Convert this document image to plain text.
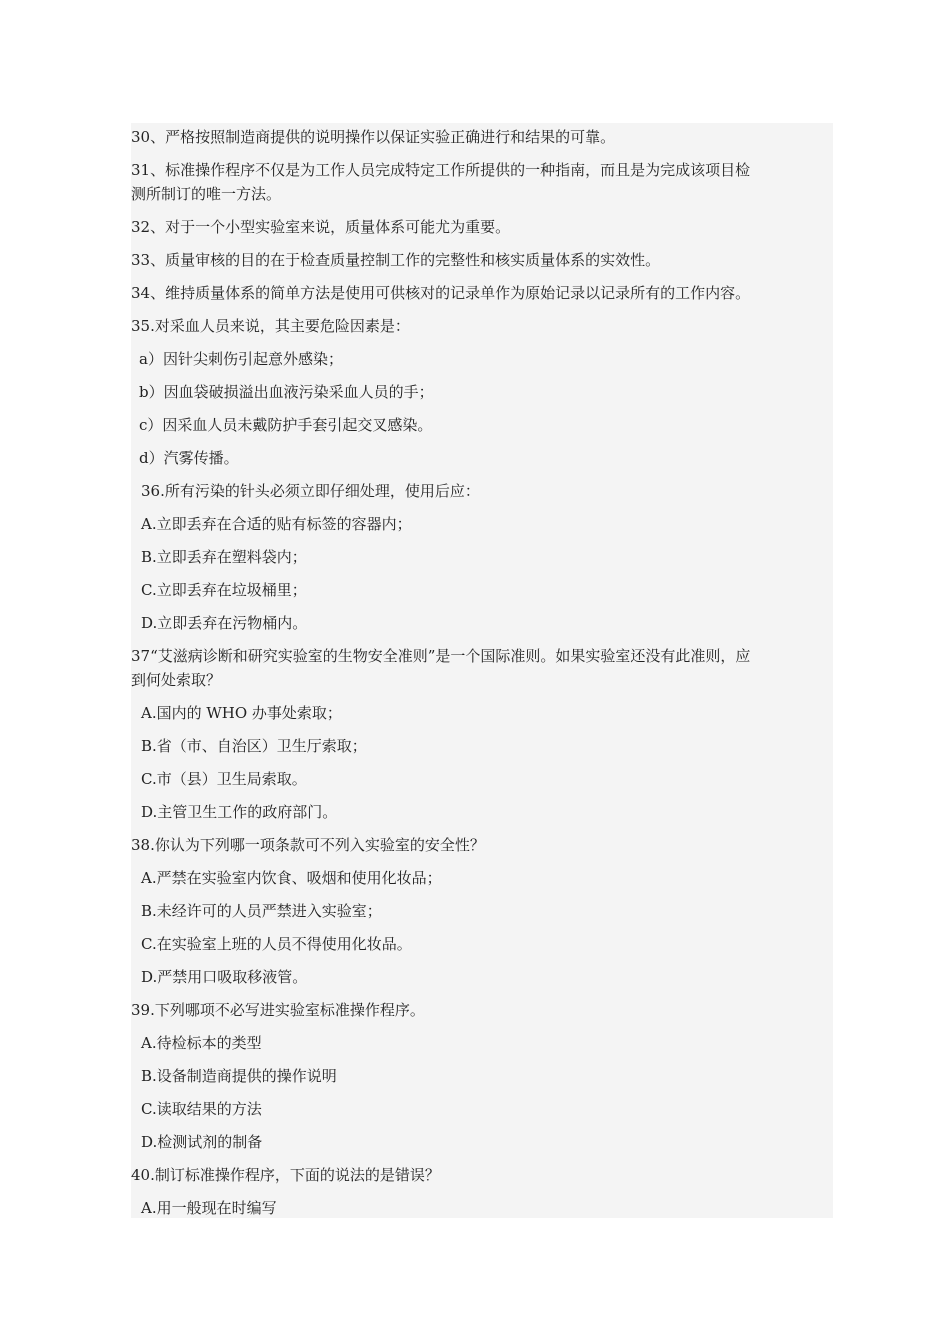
30、严格按照制造商提供的说明操作以保证实验正确进行和结果的可靠。
31、标准操作程序不仅是为工作人员完成特定工作所提供的一种指南，而且是为完成该项目检
测所制订的唯一方法。
32、对于一个小型实验室来说，质量体系可能尤为重要。
33、质量审核的目的在于检查质量控制工作的完整性和核实质量体系的实效性。
34、维持质量体系的简单方法是使用可供核对的记录单作为原始记录以记录所有的工作内容。
35.对采血人员来说，其主要危险因素是：
a）因针尖刺伤引起意外感染；
b）因血袋破损溢出血液污染采血人员的手；
c）因采血人员未戴防护手套引起交叉感染。
d）汽雾传播。
36.所有污染的针头必须立即仔细处理，使用后应：
A.立即丢弃在合适的贴有标签的容器内；
B.立即丢弃在塑料袋内；
C.立即丢弃在垃圾桶里；
D.立即丢弃在污物桶内。
37“艾滋病诊断和研究实验室的生物安全准则”是一个国际准则。如果实验室还没有此准则，应
到何处索取？
A.国内的 WHO 办事处索取；
B.省（市、自治区）卫生厅索取；
C.市（县）卫生局索取。
D.主管卫生工作的政府部门。
38.你认为下列哪一项条款可不列入实验室的安全性？
A.严禁在实验室内饮食、吸烟和使用化妆品；
B.未经许可的人员严禁进入实验室；
C.在实验室上班的人员不得使用化妆品。
D.严禁用口吸取移液管。
39.下列哪项不必写进实验室标准操作程序。
A.待检标本的类型
B.设备制造商提供的操作说明
C.读取结果的方法
D.检测试剂的制备
40.制订标准操作程序，下面的说法的是错误？
A.用一般现在时编写
